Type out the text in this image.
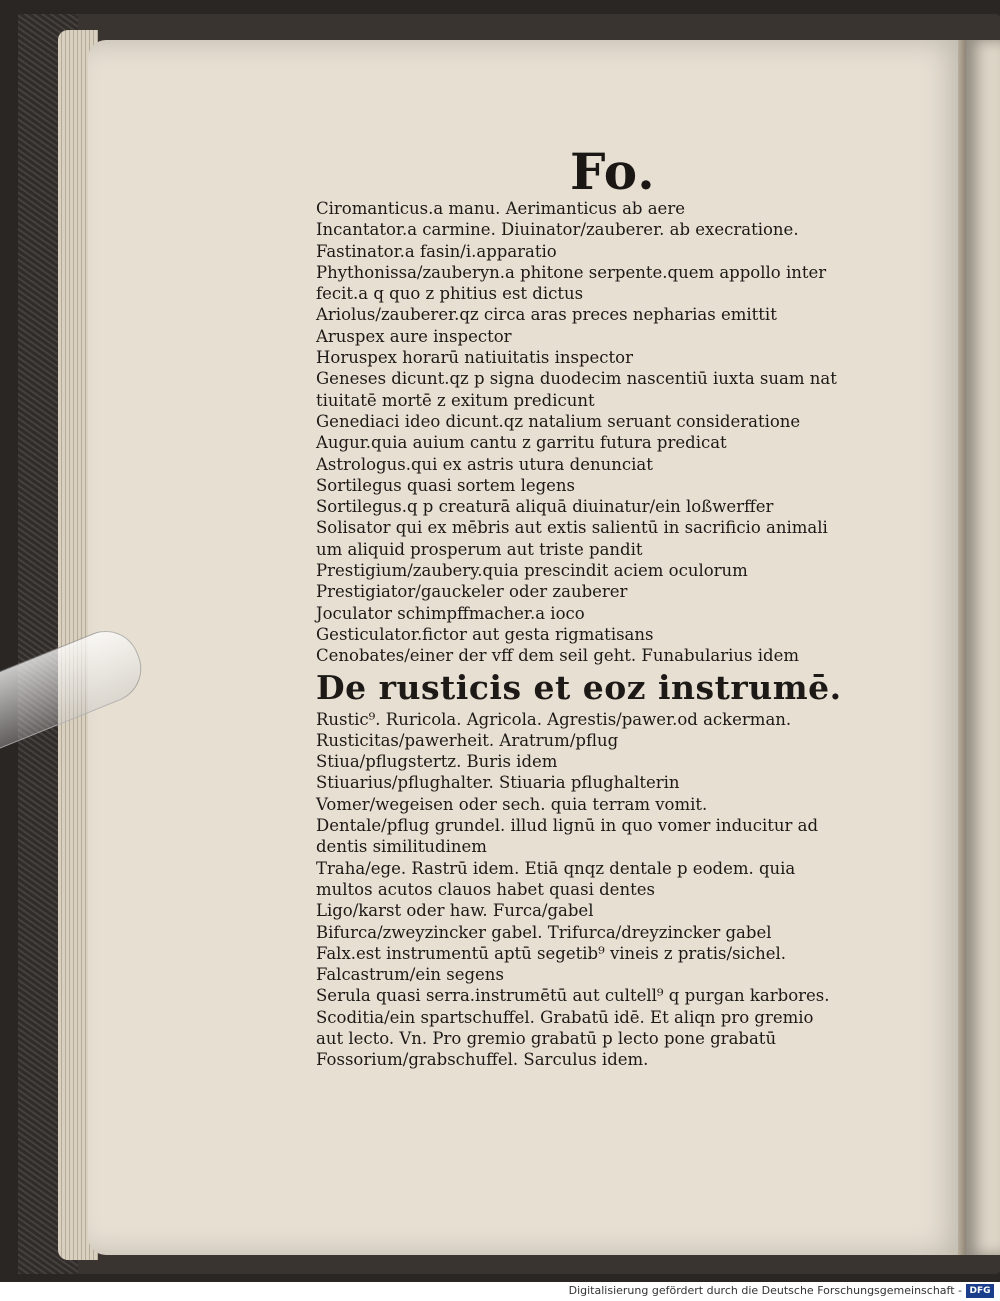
Fo.
Ciromanticus.a manu. Aerimanticus ab aere
Incantator.a carmine. Diuinator/zauberer. ab execratione.
Fastinator.a fasin/i.apparatio
Phythonissa/zauberyn.a phitone serpente.quem appollo inter
fecit.a q quo z phitius est dictus
Ariolus/zauberer.qz circa aras preces nepharias emittit
Aruspex aure inspector
Horuspex horarū natiuitatis inspector
Geneses dicunt.qz p signa duodecim nascentiū iuxta suam nat
tiuitatē mortē z exitum predicunt
Genediaci ideo dicunt.qz natalium seruant consideratione
Augur.quia auium cantu z garritu futura predicat
Astrologus.qui ex astris utura denunciat
Sortilegus quasi sortem legens
Sortilegus.q p creaturā aliquā diuinatur/ein loßwerffer
Solisator qui ex mēbris aut extis salientū in sacrificio animali
um aliquid prosperum aut triste pandit
Prestigium/zaubery.quia prescindit aciem oculorum
Prestigiator/gauckeler oder zauberer
Joculator schimpffmacher.a ioco
Gesticulator.fictor aut gesta rigmatisans
Cenobates/einer der vff dem seil geht. Funabularius idem
De rusticis et eoz instrumē.
Rustic⁹. Ruricola. Agricola. Agrestis/pawer.od ackerman.
Rusticitas/pawerheit. Aratrum/pflug
Stiua/pflugstertz. Buris idem
Stiuarius/pflughalter. Stiuaria pflughalterin
Vomer/wegeisen oder sech. quia terram vomit.
Dentale/pflug grundel. illud lignū in quo vomer inducitur ad
dentis similitudinem
Traha/ege. Rastrū idem. Etiā qnqz dentale p eodem. quia
multos acutos clauos habet quasi dentes
Ligo/karst oder haw. Furca/gabel
Bifurca/zweyzincker gabel. Trifurca/dreyzincker gabel
Falx.est instrumentū aptū segetib⁹ vineis z pratis/sichel.
Falcastrum/ein segens
Serula quasi serra.instrumētū aut cultell⁹ q purgan karbores.
Scoditia/ein spartschuffel. Grabatū idē. Et aliqn pro gremio
aut lecto. Vn. Pro gremio grabatū p lecto pone grabatū
Fossorium/grabschuffel. Sarculus idem.
Digitalisierung gefördert durch die Deutsche Forschungsgemeinschaft - DFG
